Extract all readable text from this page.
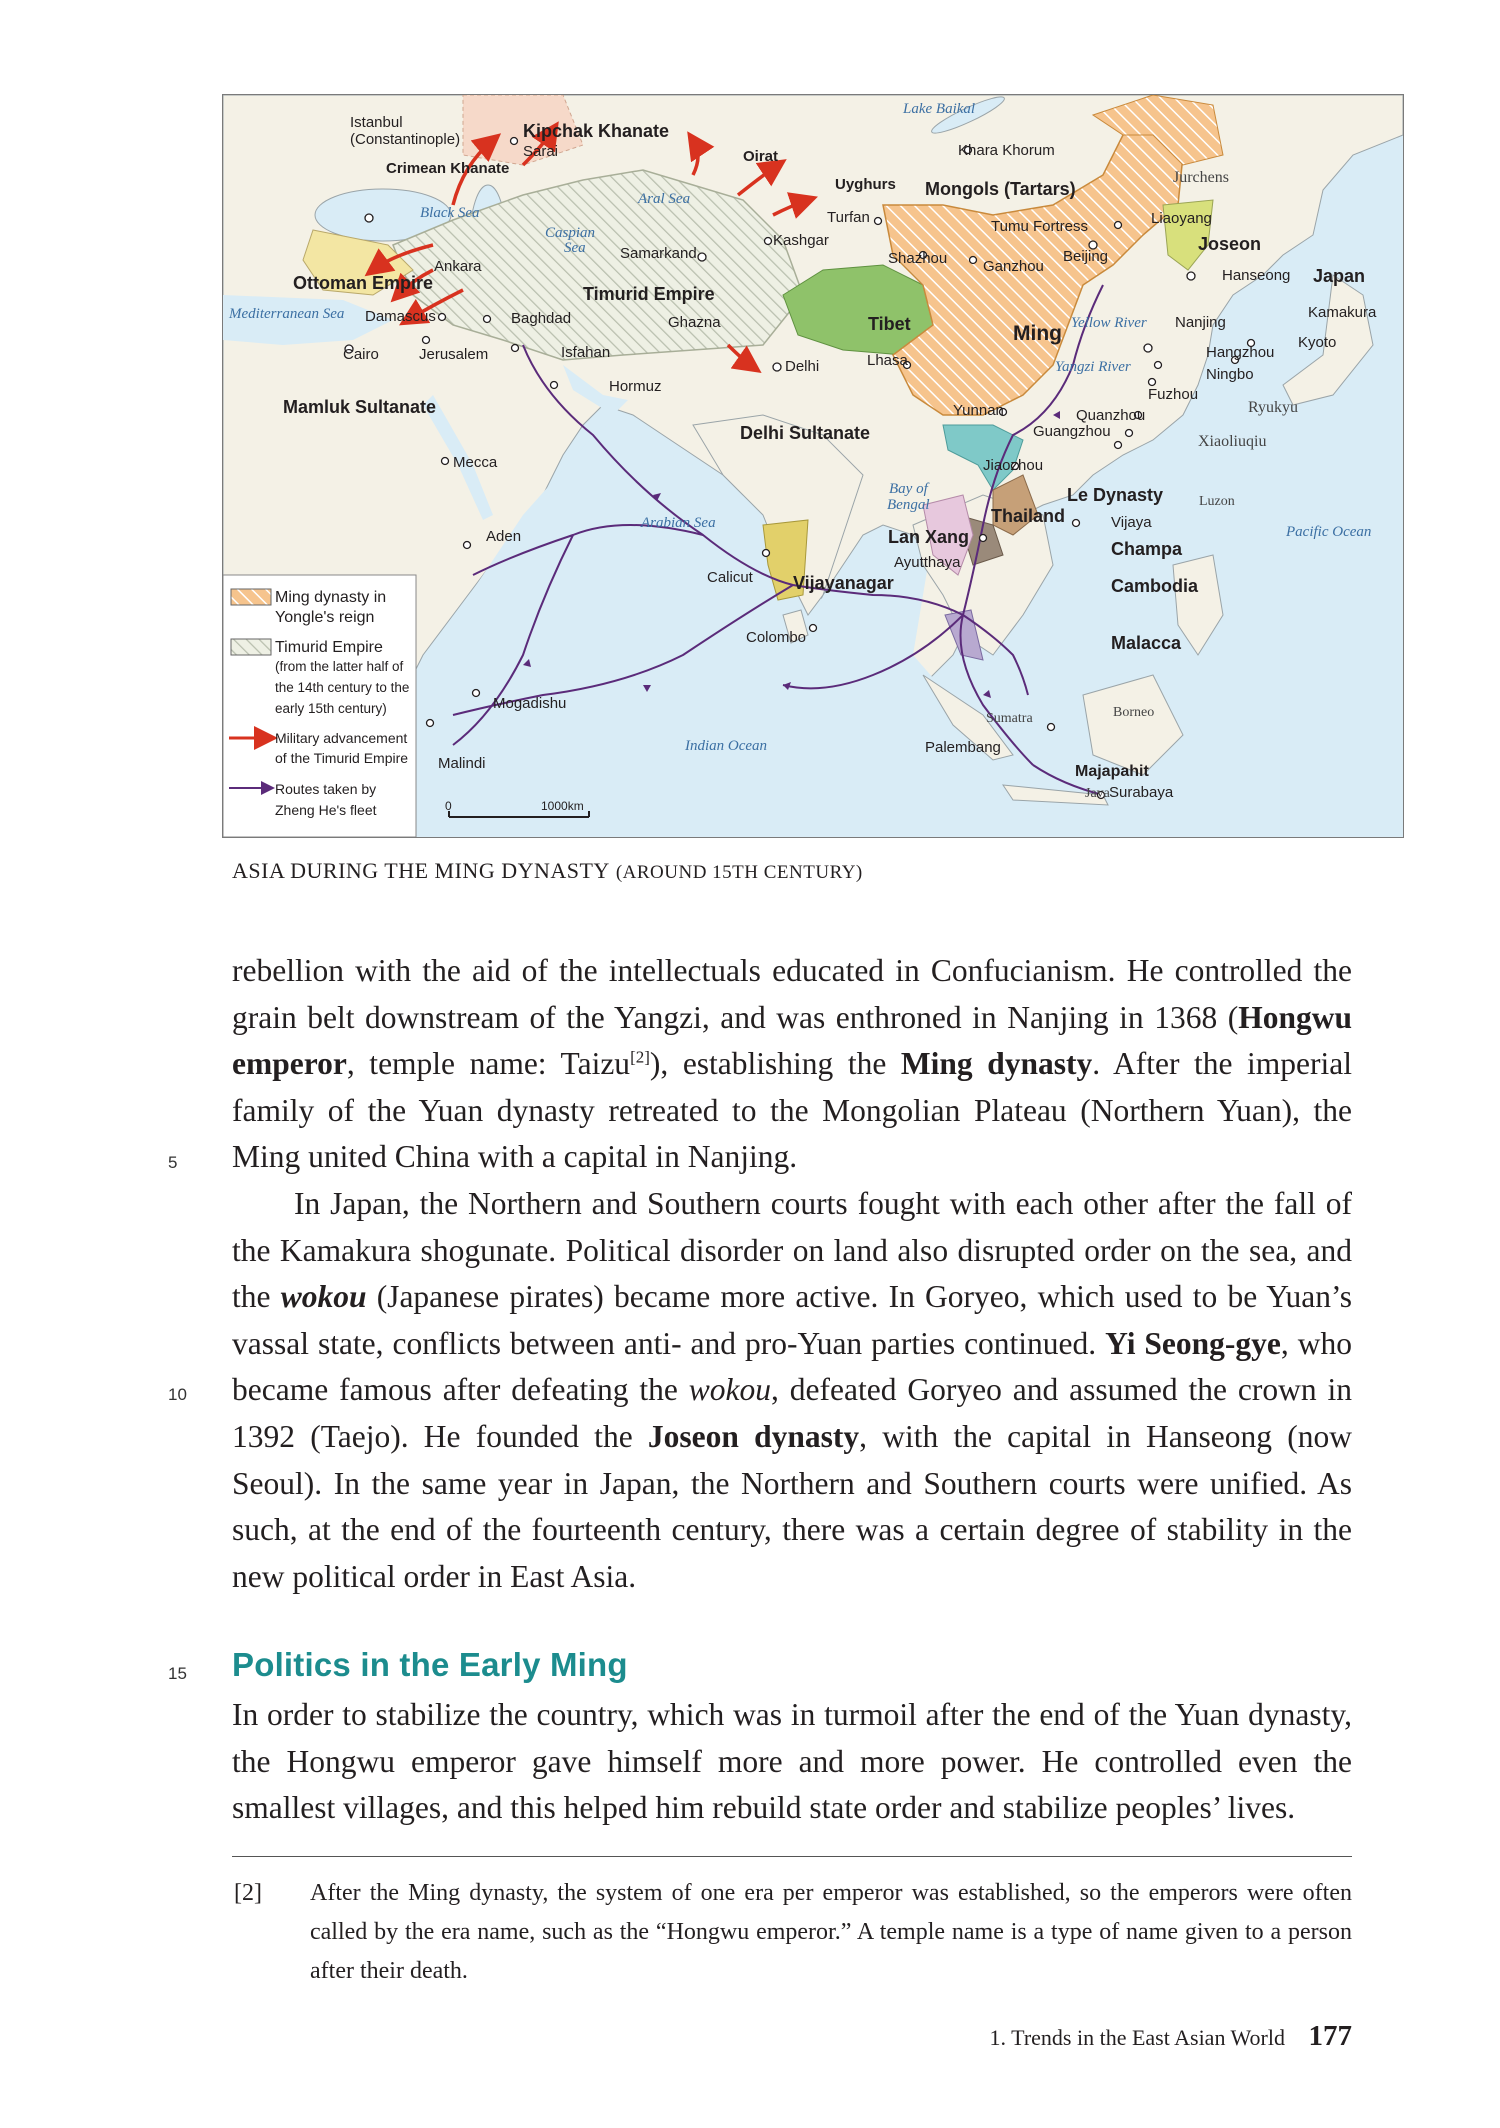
Istanbul
(Constantinople)
Crimean Khanate
Kipchak Khanate
Sarai	Oirat
Lake Baikal
Khara Khorum
Uyghurs Mongols (Tartars)
Jurchens
Black Sea
Aral Sea
Caspian
Sea
Turfan
Kashgar
Tumu Fortress	Liaoyang
Ankara
Samarkand	Shazhou Ganzhou
Beijing
Joseon
Ottoman Empire	Hanseong Japan
Timurid Empire
Mediterranean Sea Damascus	Baghdad	Ghazna	Tibet	Ming Yellow River Nanjing
Kamakura
Kyoto
Cairo	Jerusalem	Isfahan
Delhi	Lhasa	Yangzi River
Hangzhou
Ningbo
Hormuz	Fuzhou
Ryukyu
Mamluk Sultanate
Delhi Sultanate
Yunnan	Quanzhou
Guangzhou
Xiaoliuqiu
Mecca	Jiaozhou
Bay of
Bengal	Le Dynasty	Luzon
Arabian Sea	Thailand
Lan Xang
Vijaya
Pacific Ocean
Aden
Ayutthaya
Champa
Calicut Vijayanagar	Cambodia
Colombo	Malacca
Borneo
Sumatra
Mogadishu
Indian Ocean	Palembang
Malindi	Majapahit
Java Surabaya
0	1000km
Ming dynasty in
Yongle's reign
Timurid Empire
(from the latter half of
the 14th century to the
early 15th century)
Military advancement
of the Timurid Empire
Routes taken by
Zheng He's fleet
ASIA DURING THE MING DYNASTY (AROUND 15TH CENTURY)

rebellion with the aid of the intellectuals educated in Confucianism. He controlled the grain belt downstream of the Yangzi, and was enthroned in Nanjing in 1368 (Hongwu emperor, temple name: Taizu[2]), establishing the Ming dynasty. After the imperial family of the Yuan dynasty retreated to the Mongolian Plateau (Northern Yuan), the Ming united China with a capital in Nanjing.

In Japan, the Northern and Southern courts fought with each other after the fall of the Kamakura shogunate. Political disorder on land also disrupted order on the sea, and the wokou (Japanese pirates) became more active. In Goryeo, which used to be Yuan’s vassal state, conflicts between anti- and pro-Yuan parties continued. Yi Seong-gye, who became famous after defeating the wokou, defeated Goryeo and assumed the crown in 1392 (Taejo). He founded the Joseon dynasty, with the capital in Hanseong (now Seoul). In the same year in Japan, the Northern and Southern courts were unified. As such, at the end of the fourteenth century, there was a certain degree of stability in the new political order in East Asia.

5
10
15 Politics in the Early Ming

In order to stabilize the country, which was in turmoil after the end of the Yuan dynasty, the Hongwu emperor gave himself more and more power. He controlled even the smallest villages, and this helped him rebuild state order and stabilize peoples’ lives.

[2] After the Ming dynasty, the system of one era per emperor was established, so the emperors were often called by the era name, such as the “Hongwu emperor.” A temple name is a type of name given to a person after their death.
1. Trends in the East Asian World 177
